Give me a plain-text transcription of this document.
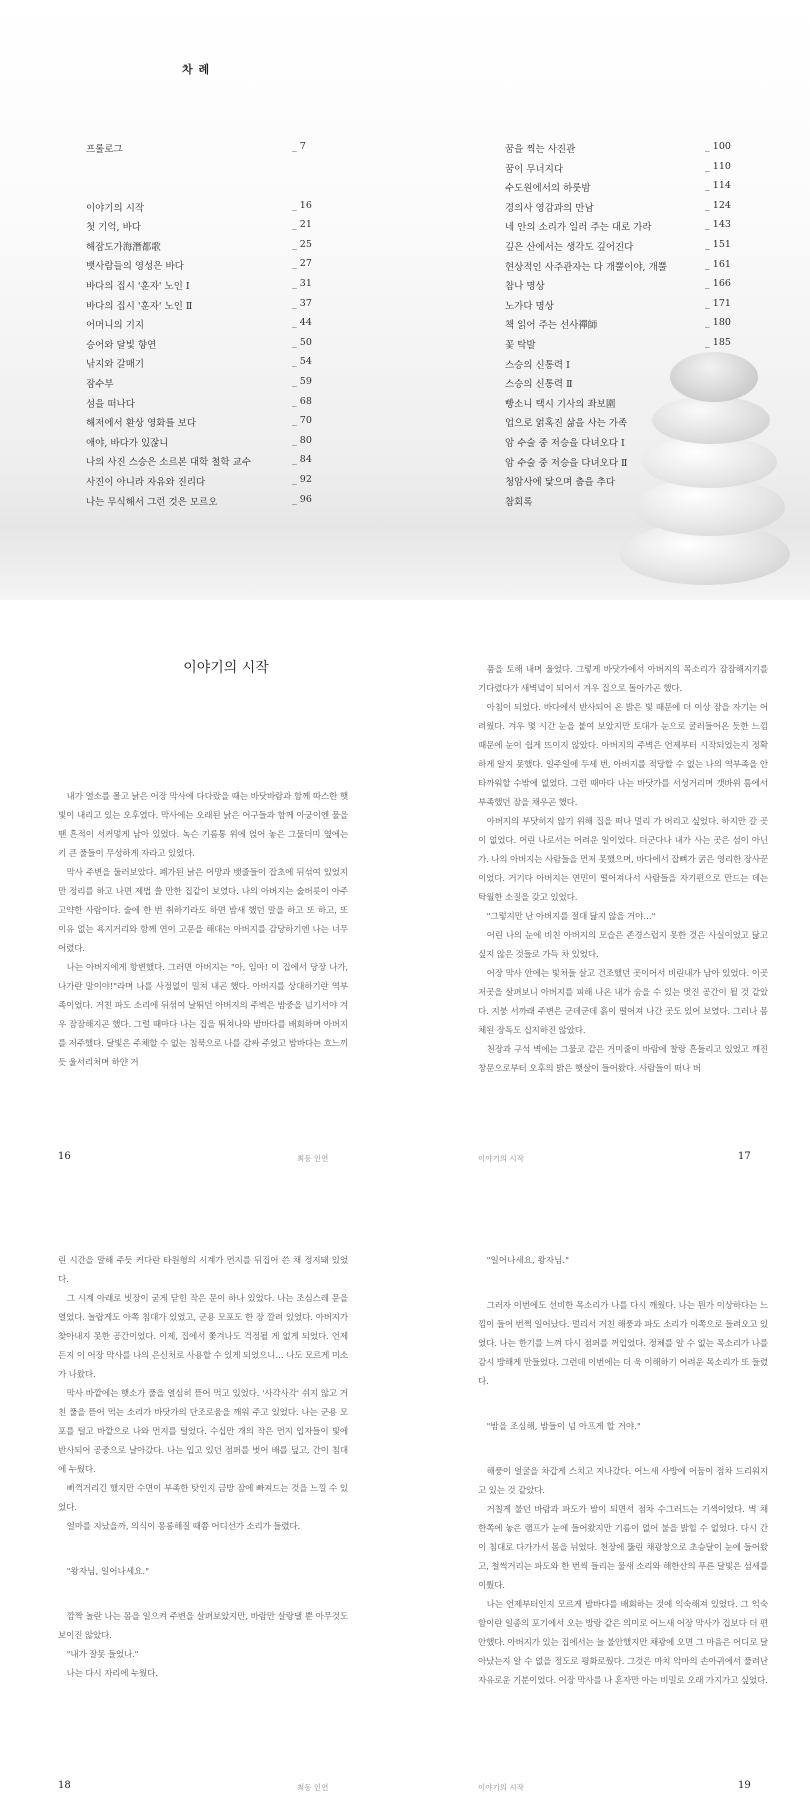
차 례
프롤로그	_ 7
이야기의 시작	_ 16
첫 기억, 바다	_ 21
해잠도가海潛都歌	_ 25
뱃사람들의 영성은 바다	_ 27
바다의 집시 '훈자' 노인 Ⅰ	_ 31
바다의 집시 '훈자' 노인 Ⅱ	_ 37
어머니의 기지	_ 44
승어와 달빛 향연	_ 50
낚지와 갈매기	_ 54
잠수부	_ 59
섬을 떠나다	_ 68
해저에서 환상 영화를 보다	_ 70
애야, 바다가 있잖니	_ 80
나의 사진 스승은 소르본 대학 철학 교수	_ 84
사진이 아니라 자유와 진리다	_ 92
나는 무식해서 그런 것은 모르오	_ 96
꿈을 찍는 사진관	_ 100
꿈이 무너지다	_ 110
수도원에서의 하룻밤	_ 114
경의사 영감과의 만남	_ 124
네 안의 소리가 일러 주는 대로 가라	_ 143
깊은 산에서는 생각도 깊어진다	_ 151
현상적인 사주관자는 다 개뿔이야, 개뿔	_ 161
참나 명상	_ 166
노가다 명상	_ 171
책 읽어 주는 선사禪師	_ 180
꽃 탁발	_ 185
스승의 신통력 Ⅰ
스승의 신통력 Ⅱ
빵소니 택시 기사의 좌보圍
업으로 얽혹진 삶을 사는 가족
암 수술 중 저승을 다녀오다 Ⅰ
암 수술 중 저승을 다녀오다 Ⅱ
청암사에 닻으며 춤을 추다
참회록
이야기의 시작

내가 열소를 몰고 낡은 어장 막사에 다다랐을 때는 바닷바람과 함께 따스한 햇빛이 내리고 있는 오후였다. 막사에는 오래된 낡은 어구들과 함께 아궁이엔 물을 땐 흔적이 서커멓게 남아 있었다. 녹슨 기름통 위에 얹어 놓은 그물더미 옆에는 키 큰 풀들이 무성하게 자라고 있었다.

막사 주변을 둘러보았다. 폐가된 낡은 어망과 뱃줄들이 잡초에 뒤섞여 있었지만 정리를 하고 나면 제법 쓸 만한 집같이 보였다. 나의 아버지는 술버릇이 아주 고약한 사람이다. 술에 한 번 취하기라도 하면 밤새 했던 말을 하고 또 하고, 또 이유 없는 욕지거리와 함께 연이 고문을 해대는 아버지를 감당하기엔 나는 너무 어렸다.

나는 아버지에게 항변했다. 그러면 아버지는 "아, 임마! 이 집에서 당장 나가, 나가란 말이야!"라며 나를 사정없이 밀쳐 내곤 했다. 아버지를 상대하기란 역부족이었다. 거친 파도 소리에 뒤섞여 날뛰던 아버지의 주벽은 밤중을 넘기서야 겨우 잠잠해지곤 했다. 그럴 때마다 나는 집을 뛰쳐나와 밤바다를 배회하며 아버지를 저주했다. 달빛은 주체할 수 없는 침묵으로 나를 감싸 주었고 밤바다는 흐느끼듯 울서리처며 하얀 거

16	최동 인연

품을 토해 내며 울었다. 그렇게 바닷가에서 아버지의 목소리가 잠잠해지기를 기다렸다가 새벽녘이 되어서 겨우 집으로 돌아가곤 했다.

아침이 되었다. 바다에서 반사되어 온 밝은 빛 때문에 더 이상 잠을 자기는 어려웠다. 겨우 몇 시간 눈을 붙여 보았지만 토대가 눈으로 굴러들어온 듯한 느낌 때문에 눈이 쉽게 뜨이지 않았다. 아버지의 주벽은 언제부터 시작되었는지 정확하게 알지 못했다. 일주일에 두세 번, 아버지를 적당할 수 없는 나의 역부족을 안타까워할 수밖에 없었다. 그런 때마다 나는 바닷가를 서성거리며 갯바위 틈에서 부족했던 잠을 채우곤 했다.

아버지의 부닷히지 않기 위해 집을 떠나 멀리 가 버리고 싶었다. 하지만 갈 곳이 없었다. 어린 나로서는 어려운 일이었다. 더군다나 내가 사는 곳은 섬이 아닌가. 나의 아버지는 사람들을 먼저 못했으며, 바다에서 잡뼈가 굵은 영리한 장사꾼이었다. 거기다 아버지는 연민이 떨어져나서 사람들을 자기편으로 만드는 데는 탁월한 소질을 갖고 있었다.

"그렇지만 난 아버지를 절대 닮지 않을 거야…"

어린 나의 눈에 비친 아버지의 모습은 존경스럽지 못한 것은 사실이었고 닮고 싶지 않은 것들로 가득 차 있었다.

어장 막사 안에는 빛처들 살고 건조했던 곳이어서 비린내가 남아 있었다. 이곳저곳을 살펴보니 아버지를 피해 나온 내가 숨을 수 있는 멋진 공간이 될 것 같았다. 지붕 서까래 주변은 군데군데 흙이 떨어져 나간 곳도 있어 보였다. 그러나 몸체된 장독도 십지하진 않았다.

천장과 구석 벽에는 그물코 같은 거미줄이 바람에 찰랑 흔들리고 있었고 깨진 창문으로부터 오후의 밝은 햇살이 들어왔다. 사람들이 떠나 버

이야기의 시작	17

린 시간을 말해 주듯 커다란 타원형의 시계가 먼지를 뒤집어 쓴 채 정지돼 있었다.

그 시계 아래로 빗장이 굳게 닫힌 작은 문이 하나 있었다. 나는 조심스레 문을 열었다. 놀랍게도 아쪽 침대가 있었고, 군용 모포도 한 장 깔려 있었다. 아버지가 찾아내지 못한 공간이었다. 이제, 집에서 쫓겨나도 걱정될 게 없게 되었다. 언제든지 이 어장 막사를 나의 은신처로 사용할 수 있게 되었으니… 나도 모르게 미소가 나왔다.

막사 바깥에는 햇소가 풀을 열심히 뜯어 먹고 있었다. '사각사각' 쉬지 않고 거친 풀을 뜯어 먹는 소리가 바닷가의 단조로움을 깨워 주고 있었다. 나는 군용 모포를 털고 바깥으로 나와 먼지를 털었다. 수십만 개의 작은 먼지 입자들이 빛에 반사되어 공중으로 날아갔다. 나는 입고 있던 점퍼를 벗어 배를 덮고, 간이 침대에 누웠다.

삐꺽거리긴 했지만 수면이 부족한 탓인지 금방 잠에 빠져드는 것을 느낄 수 있었다.

얼마를 지났을까, 의식이 몽롱해질 때쯤 어디선가 소리가 들렸다.

"왕자님, 일어나세요."

깜짝 놀란 나는 몸을 일으켜 주변을 살펴보았지만, 바람만 살랑댈 뿐 아무것도 보이진 않았다.

"내가 잘못 들었나."

나는 다시 자리에 누웠다.

18	최동 인연

"일어나세요, 왕자님."

그러자 이번에도 선비한 목소리가 나를 다시 깨웠다. 나는 뭔가 이상하다는 느낌이 들어 번쩍 일어났다. 멀리서 거친 해풍과 파도 소리가 이쪽으로 들려오고 있었다. 나는 한기를 느껴 다시 점퍼를 꺼입었다. 정체를 알 수 없는 목소리가 나를 감시 방해게 만들었다. 그런데 이번에는 더 욱 이해하기 어려운 목소리가 또 들렸다.

"밤을 조심해, 밤들이 넘 아프게 할 거야."

해풍이 얼굴을 차갑게 스치고 지나갔다. 어느새 사방에 어둠이 점차 드리워지고 있는 것 같았다.

거칠게 불던 바람과 파도가 밤이 되면서 점차 수그러드는 기색이었다. 벽 채 한쪽에 놓은 램프가 눈에 들어왔지만 기름이 없어 불을 밝힐 수 없었다. 다시 간이 침대로 다가가서 몸을 뉘었다. 천장에 뚫린 채광창으로 초승달이 눈에 들어왔고, 철썩거리는 파도와 한 번씩 들리는 물새 소리와 해한산의 푸른 달빛은 섬세를 이뤘다.

나는 언제부터인지 모르게 밤바다를 배회하는 것에 익숙해져 있었다. 그 익숙함이란 일종의 포기에서 오는 방랑 같은 의미로 어느새 어장 막사가 집보다 더 편안했다. 아버지가 있는 집에서는 늘 불안했지만 채광에 오면 그 마음은 어디로 달아났는지 알 수 없을 정도로 평화로웠다. 그것은 마치 악마의 손아귀에서 풀려난 자유로운 기분이었다. 어장 막사를 나 혼자만 아는 비밀로 오래 가지가고 싶었다.

이야기의 시작	19
